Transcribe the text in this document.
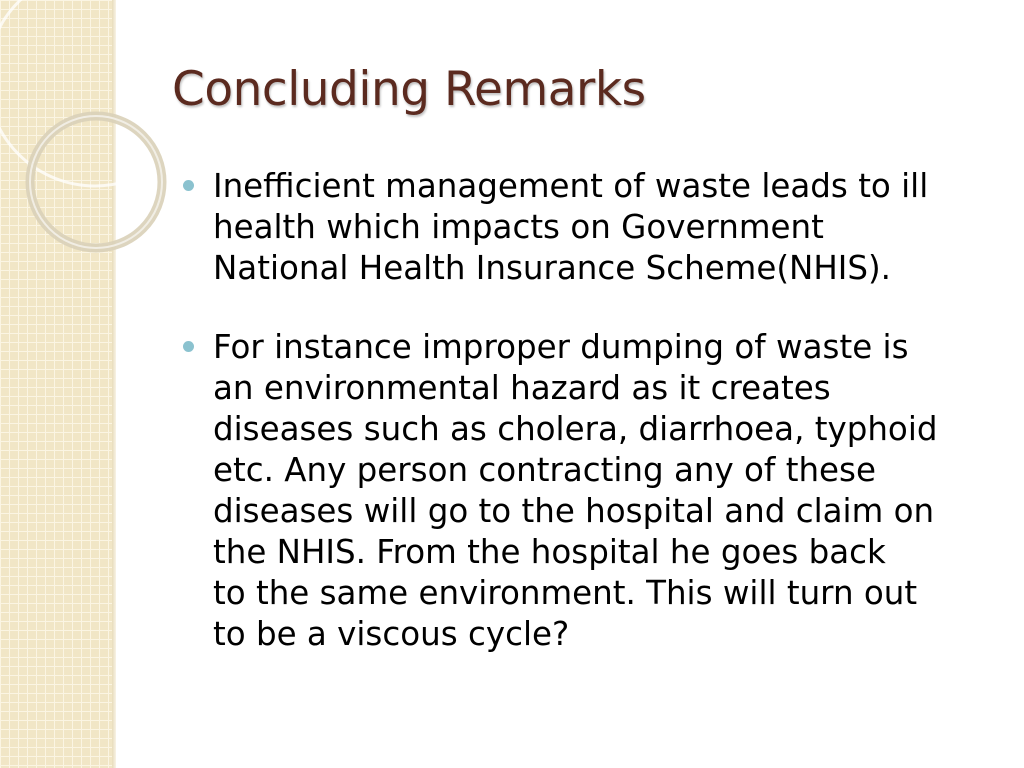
Concluding Remarks
Inefficient management of waste leads to ill
health which impacts on Government
National Health Insurance Scheme(NHIS).
For instance improper dumping of waste is
an environmental hazard as it creates
diseases such as cholera, diarrhoea, typhoid
etc. Any person contracting any of these
diseases will go to the hospital and claim on
the NHIS. From the hospital he goes back
to the same environment. This will turn out
to be a viscous cycle?
